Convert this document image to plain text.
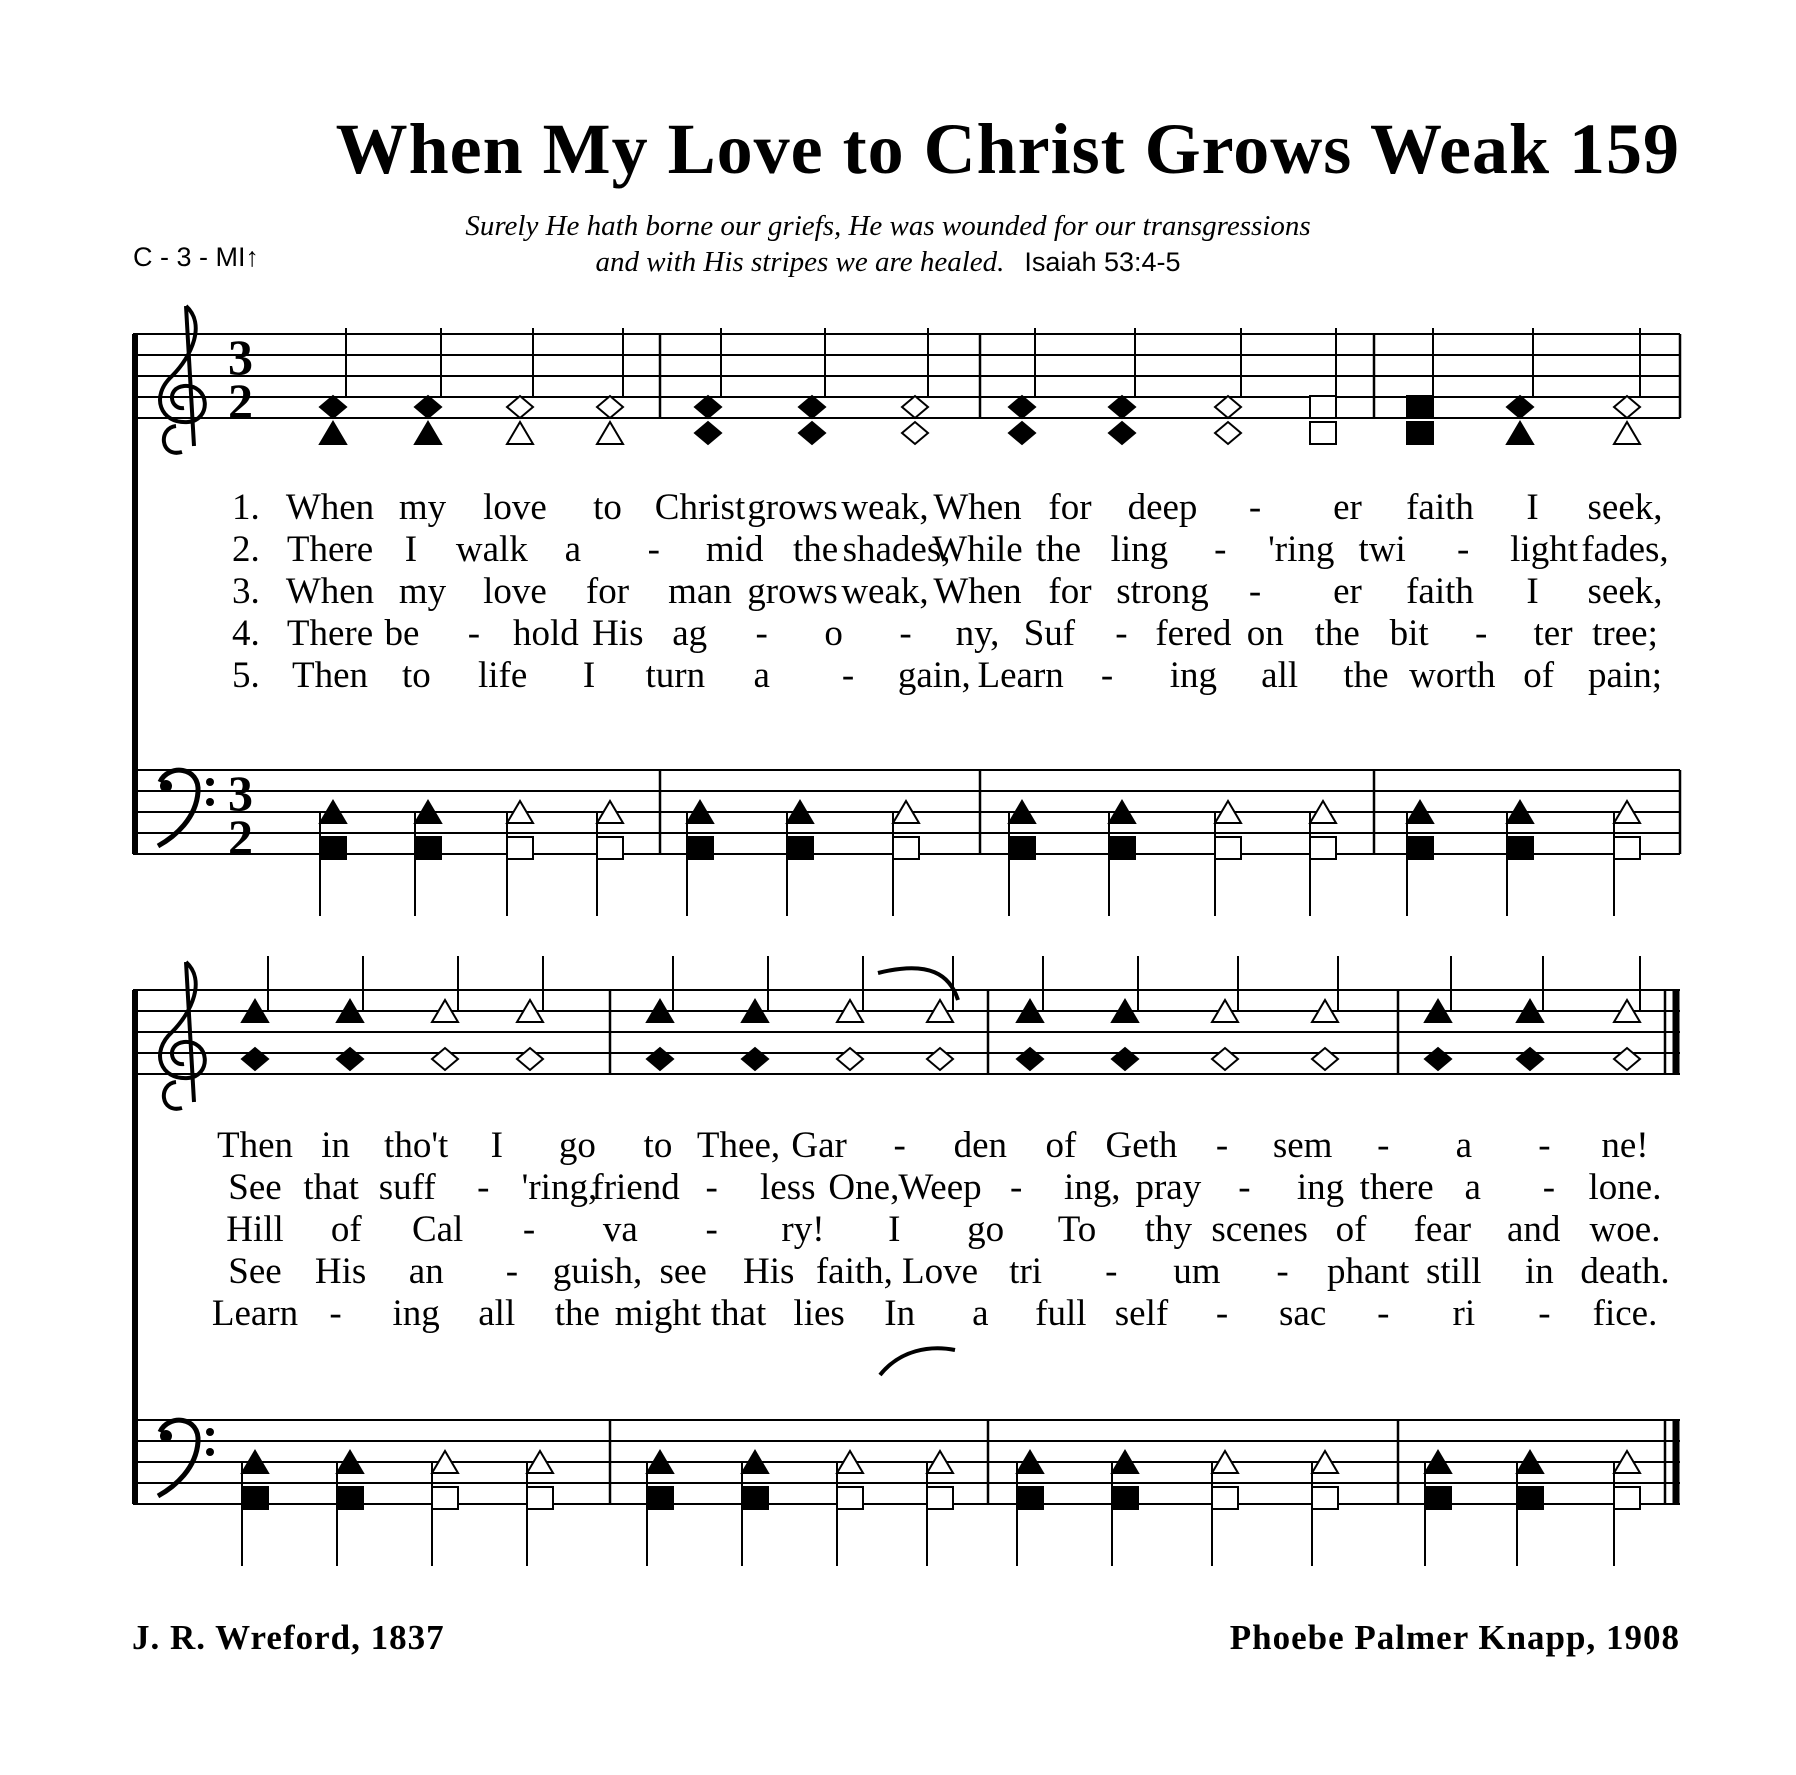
When My Love to Christ Grows Weak 159
Surely He hath borne our griefs, He was wounded for our transgressions
and with His stripes we are healed. Isaiah 53:4-5
C - 3 - MI↑
3
2
3
2
1. When my love to Christ grows weak, When for deep - er faith I seek,
2. There I walk a - mid the shades,
While the ling - 'ring twi - light fades,
3. When my love for man grows weak, When for strong - er faith I seek,
4. There be - hold His ag - o - ny, Suf - fered on the bit - ter tree;
5. Then to life I turn a - gain, Learn - ing all the worth of pain;
Then in tho't I go to Thee, Gar - den of Geth - sem - a - ne!
See that suff - 'ring,
friend - less One, Weep - ing, pray - ing there a - lone.
Hill of Cal - va - ry! I go To thy scenes of fear and woe.
See His an - guish, see His faith, Love tri - um - phant still in death.
Learn - ing all the might that lies In a full self - sac - ri - fice.
J. R. Wreford, 1837	Phoebe Palmer Knapp, 1908
